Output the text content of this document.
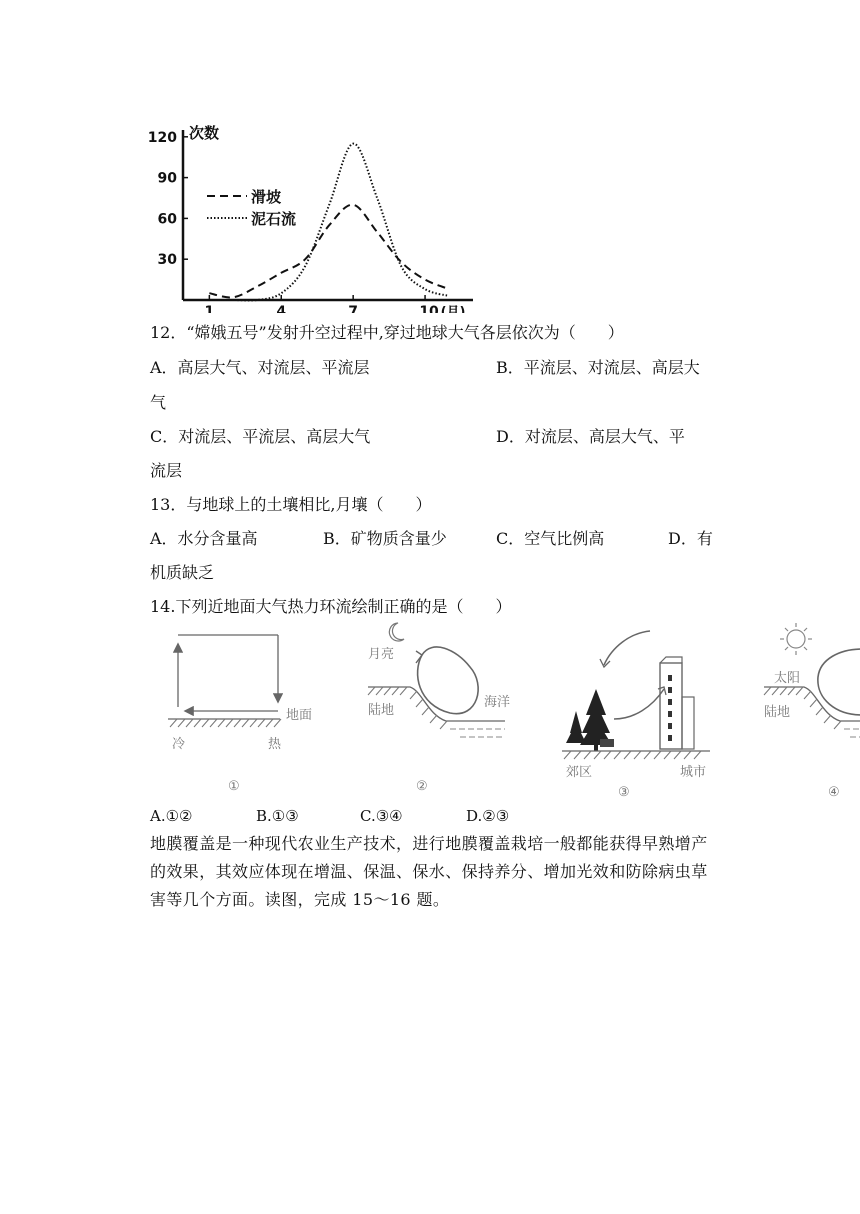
30
60
90
120
1	4	7	10 (月)
次数
滑坡
泥石流
12．“嫦娥五号”发射升空过程中,穿过地球大气各层依次为（　　）
A．高层大气、对流层、平流层	B．平流层、对流层、高层大
气
C．对流层、平流层、高层大气	D．对流层、高层大气、平
流层
13．与地球上的土壤相比,月壤（　　）
A．水分含量高	B．矿物质含量少	C．空气比例高	D．有
机质缺乏
14.下列近地面大气热力环流绘制正确的是（　　）
地面
冷	热
①
月亮
陆地
海洋
②
郊区	城市
③
太阳
陆地
④
A.①②	B.①③	C.③④	D.②③
地膜覆盖是一种现代农业生产技术，进行地膜覆盖栽培一般都能获得早熟增产的效果，其效应体现在增温、保温、保水、保持养分、增加光效和防除病虫草害等几个方面。读图，完成 15～16 题。
